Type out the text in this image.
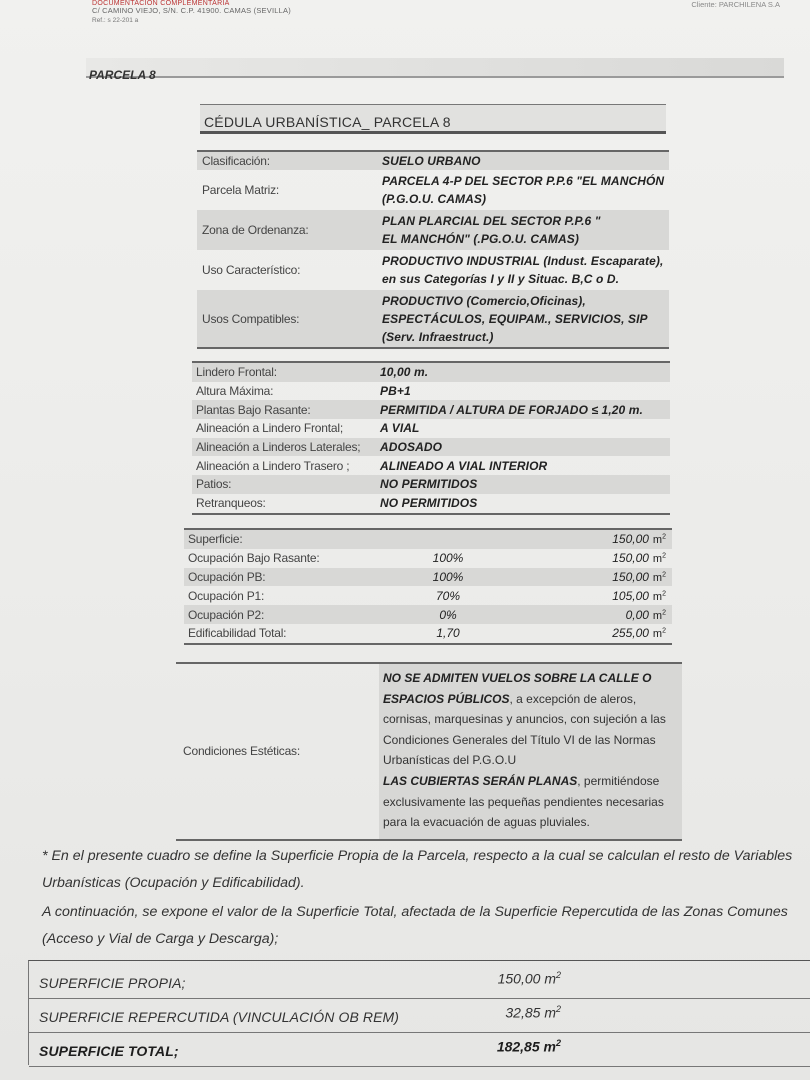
DOCUMENTACIÓN COMPLEMENTARIA
C/ CAMINO VIEJO, S/N. C.P. 41900. CAMAS (SEVILLA)
Ref.: s 22-201 a
Cliente: PARCHILENA S.A
PARCELA 8
CÉDULA URBANÍSTICA_ PARCELA 8
Clasificación:	SUELO URBANO

Parcela Matriz:	PARCELA 4-P DEL SECTOR P.P.6 "EL MANCHÓN
(P.G.O.U. CAMAS)

Zona de Ordenanza:	PLAN PLARCIAL DEL SECTOR P.P.6 "
EL MANCHÓN" (.PG.O.U. CAMAS)

Uso Característico:	PRODUCTIVO INDUSTRIAL (Indust. Escaparate),
en sus Categorías I y II y Situac. B,C o D.

Usos Compatibles:	PRODUCTIVO (Comercio,Oficinas),
ESPECTÁCULOS, EQUIPAM., SERVICIOS, SIP
(Serv. Infraestruct.)
Lindero Frontal:	10,00 m.
Altura Máxima:	PB+1
Plantas Bajo Rasante:	PERMITIDA / ALTURA DE FORJADO ≤ 1,20 m.
Alineación a Lindero Frontal;	A VIAL
Alineación a Linderos Laterales;	ADOSADO
Alineación a Lindero Trasero ;	ALINEADO A VIAL INTERIOR
Patios:	NO PERMITIDOS
Retranqueos:	NO PERMITIDOS
Superficie:		150,00 $m^2$
Ocupación Bajo Rasante:	100%	150,00 $m^2$
Ocupación PB:	100%	150,00 $m^2$
Ocupación P1:	70%	105,00 $m^2$
Ocupación P2:	0%	0,00 $m^2$
Edificabilidad Total:	1,70	255,00 $m^2$
Condiciones Estéticas:	NO SE ADMITEN VUELOS SOBRE LA CALLE O ESPACIOS PÚBLICOS, a excepción de aleros, cornisas, marquesinas y anuncios, con sujeción a las Condiciones Generales del Título VI de las Normas Urbanísticas del P.G.O.U
LAS CUBIERTAS SERÁN PLANAS, permitiéndose exclusivamente las pequeñas pendientes necesarias para la evacuación de aguas pluviales.
* En el presente cuadro se define la Superficie Propia de la Parcela, respecto a la cual se calculan el resto de Variables Urbanísticas (Ocupación y Edificabilidad).
A continuación, se expone el valor de la Superficie Total, afectada de la Superficie Repercutida de las Zonas Comunes (Acceso y Vial de Carga y Descarga);
SUPERFICIE PROPIA;	150,00 $m^2$
SUPERFICIE REPERCUTIDA (VINCULACIÓN OB REM)	32,85 $m^2$
SUPERFICIE TOTAL;	182,85 $m^2$
